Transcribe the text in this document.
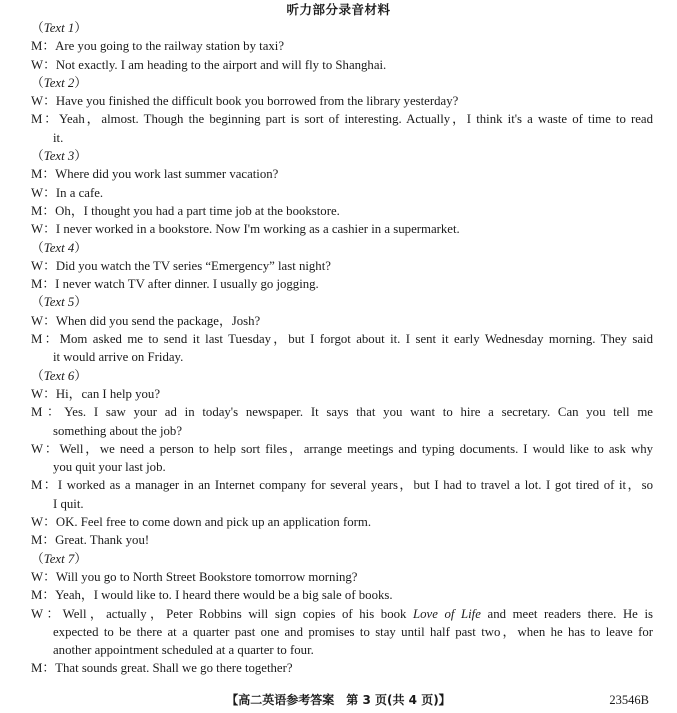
听力部分录音材料
（Text 1）
M：Are you going to the railway station by taxi?
W：Not exactly. I am heading to the airport and will fly to Shanghai.
（Text 2）
W：Have you finished the difficult book you borrowed from the library yesterday?
M：Yeah，almost. Though the beginning part is sort of interesting. Actually，I think it's a waste of time to read
it.
（Text 3）
M：Where did you work last summer vacation?
W：In a cafe.
M：Oh，I thought you had a part time job at the bookstore.
W：I never worked in a bookstore. Now I'm working as a cashier in a supermarket.
（Text 4）
W：Did you watch the TV series “Emergency” last night?
M：I never watch TV after dinner. I usually go jogging.
（Text 5）
W：When did you send the package，Josh?
M：Mom asked me to send it last Tuesday，but I forgot about it. I sent it early Wednesday morning. They said
it would arrive on Friday.
（Text 6）
W：Hi，can I help you?
M：Yes. I saw your ad in today's newspaper. It says that you want to hire a secretary. Can you tell me
something about the job?
W：Well，we need a person to help sort files，arrange meetings and typing documents. I would like to ask why
you quit your last job.
M：I worked as a manager in an Internet company for several years，but I had to travel a lot. I got tired of it，so
I quit.
W：OK. Feel free to come down and pick up an application form.
M：Great. Thank you!
（Text 7）
W：Will you go to North Street Bookstore tomorrow morning?
M：Yeah，I would like to. I heard there would be a big sale of books.
W：Well，actually，Peter Robbins will sign copies of his book Love of Life and meet readers there. He is
expected to be there at a quarter past one and promises to stay until half past two，when he has to leave for
another appointment scheduled at a quarter to four.
M：That sounds great. Shall we go there together?
【高二英语参考答案　第 3 页(共 4 页)】	23546B
